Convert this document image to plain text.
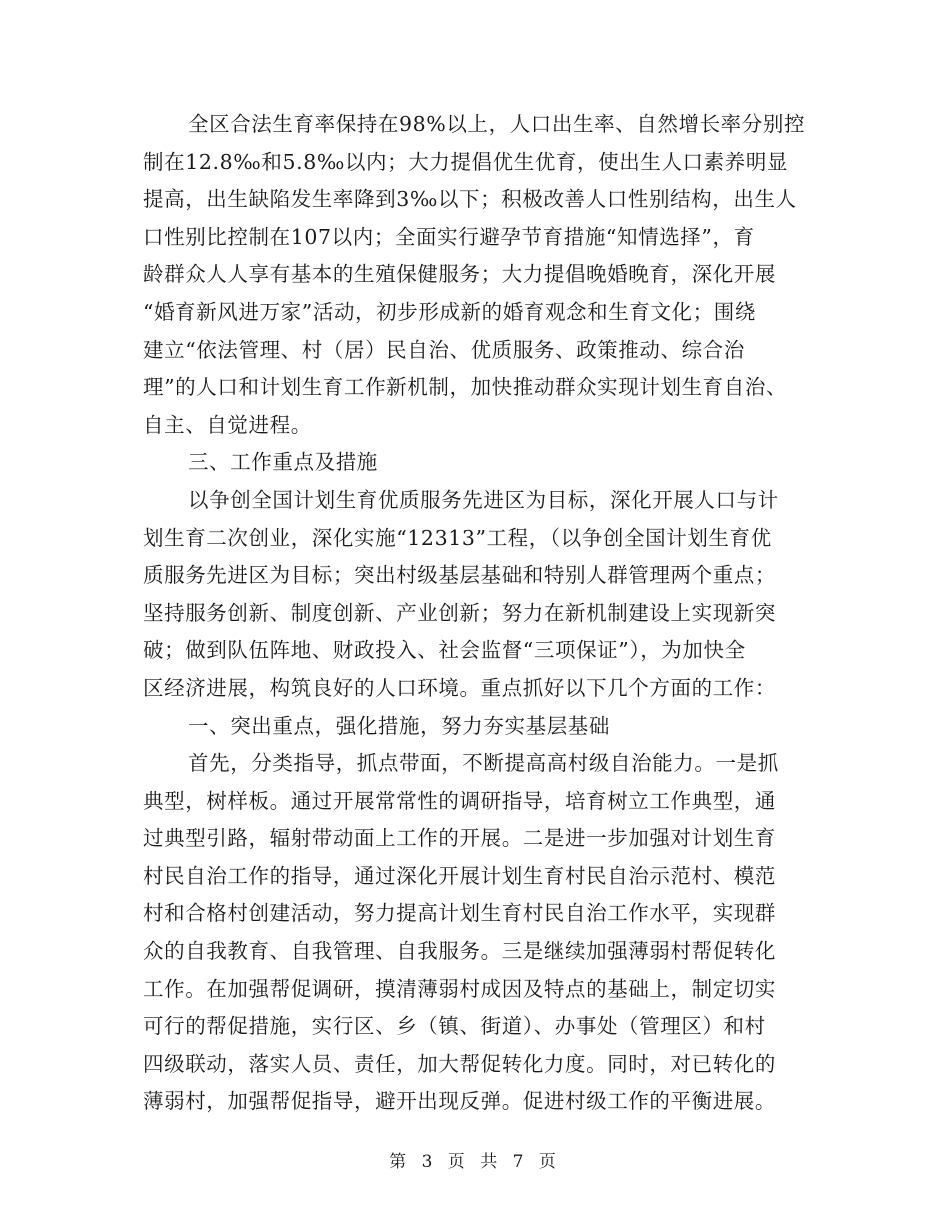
全区合法生育率保持在98%以上，人口出生率、自然增长率分别控
制在12.8‰和5.8‰以内；大力提倡优生优育，使出生人口素养明显
提高，出生缺陷发生率降到3‰以下；积极改善人口性别结构，出生人
口性别比控制在107以内；全面实行避孕节育措施“知情选择”，育
龄群众人人享有基本的生殖保健服务；大力提倡晚婚晚育，深化开展
“婚育新风进万家”活动，初步形成新的婚育观念和生育文化；围绕
建立“依法管理、村（居）民自治、优质服务、政策推动、综合治
理”的人口和计划生育工作新机制，加快推动群众实现计划生育自治、
自主、自觉进程。
三、工作重点及措施
以争创全国计划生育优质服务先进区为目标，深化开展人口与计
划生育二次创业，深化实施“12313”工程，（以争创全国计划生育优
质服务先进区为目标；突出村级基层基础和特别人群管理两个重点；
坚持服务创新、制度创新、产业创新；努力在新机制建设上实现新突
破；做到队伍阵地、财政投入、社会监督“三项保证”），为加快全
区经济进展，构筑良好的人口环境。重点抓好以下几个方面的工作：
一、突出重点，强化措施，努力夯实基层基础
首先，分类指导，抓点带面，不断提高高村级自治能力。一是抓
典型，树样板。通过开展常常性的调研指导，培育树立工作典型，通
过典型引路，辐射带动面上工作的开展。二是进一步加强对计划生育
村民自治工作的指导，通过深化开展计划生育村民自治示范村、模范
村和合格村创建活动，努力提高计划生育村民自治工作水平，实现群
众的自我教育、自我管理、自我服务。三是继续加强薄弱村帮促转化
工作。在加强帮促调研，摸清薄弱村成因及特点的基础上，制定切实
可行的帮促措施，实行区、乡（镇、街道）、办事处（管理区）和村
四级联动，落实人员、责任，加大帮促转化力度。同时，对已转化的
薄弱村，加强帮促指导，避开出现反弹。促进村级工作的平衡进展。
第 3 页 共 7 页
